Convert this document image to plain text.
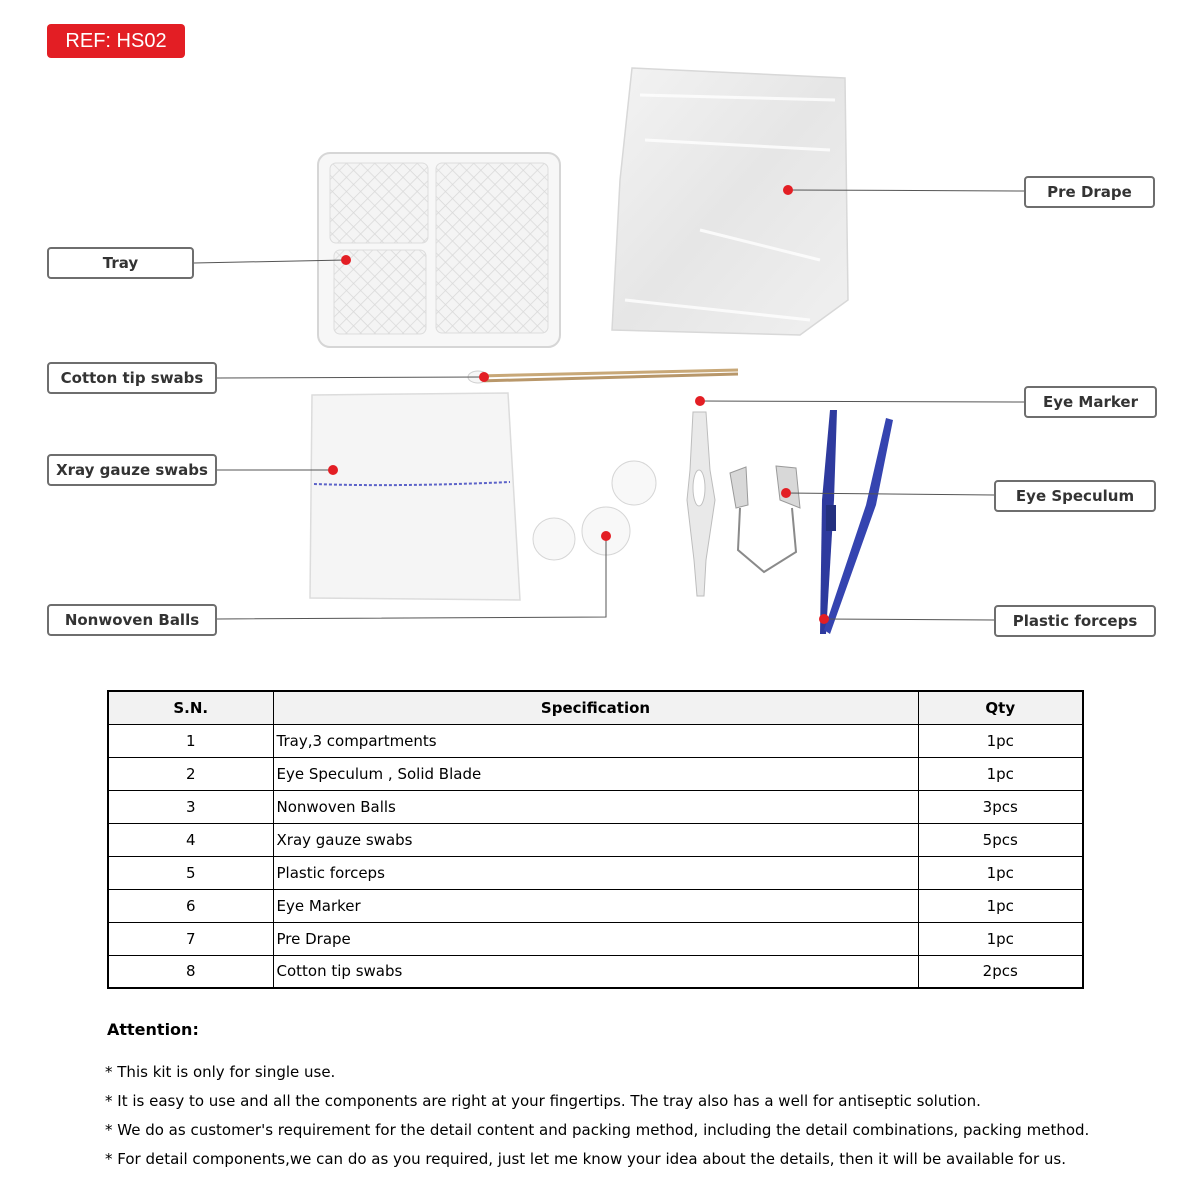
REF: HS02
Tray
Cotton tip swabs
Xray gauze swabs
Nonwoven Balls
Pre Drape
Eye Marker
Eye Speculum
Plastic forceps
S.N.	Specification	Qty
1	Tray,3 compartments	1pc
2	Eye Speculum , Solid Blade	1pc
3	Nonwoven Balls	3pcs
4	Xray gauze swabs	5pcs
5	Plastic forceps	1pc
6	Eye Marker	1pc
7	Pre Drape	1pc
8	Cotton tip swabs	2pcs
Attention:
* This kit is only for single use.
* It is easy to use and all the components are right at your fingertips. The tray also has a well for antiseptic solution.
* We do as customer's requirement for the detail content and packing method, including the detail combinations, packing method.
* For detail components,we can do as you required, just let me know your idea about the details, then it will be available for us.
